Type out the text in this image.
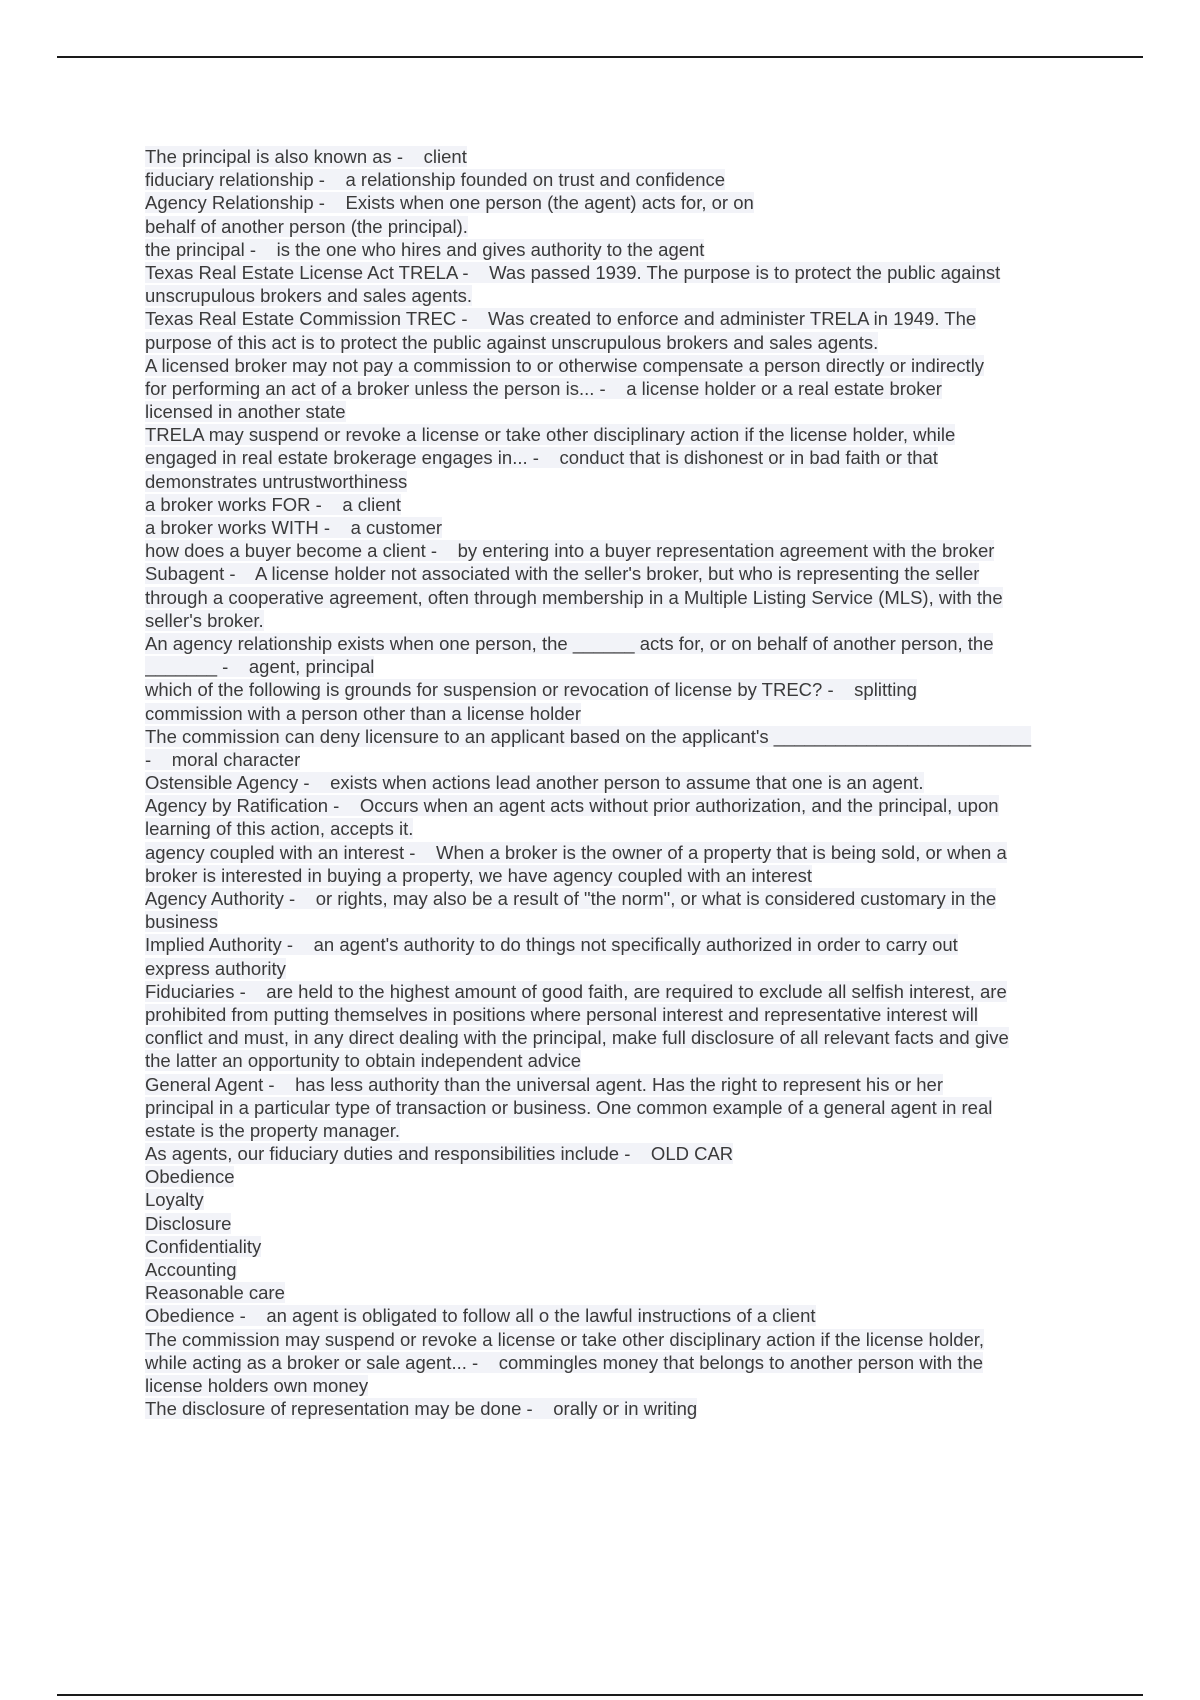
The principal is also known as -    client
fiduciary relationship -    a relationship founded on trust and confidence
Agency Relationship -    Exists when one person (the agent) acts for, or on
behalf of another person (the principal).
the principal -    is the one who hires and gives authority to the agent
Texas Real Estate License Act TRELA -    Was passed 1939. The purpose is to protect the public against
unscrupulous brokers and sales agents.
Texas Real Estate Commission TREC -    Was created to enforce and administer TRELA in 1949. The
purpose of this act is to protect the public against unscrupulous brokers and sales agents.
A licensed broker may not pay a commission to or otherwise compensate a person directly or indirectly
for performing an act of a broker unless the person is... -    a license holder or a real estate broker
licensed in another state
TRELA may suspend or revoke a license or take other disciplinary action if the license holder, while
engaged in real estate brokerage engages in... -    conduct that is dishonest or in bad faith or that
demonstrates untrustworthiness
a broker works FOR -    a client
a broker works WITH -    a customer
how does a buyer become a client -    by entering into a buyer representation agreement with the broker
Subagent -    A license holder not associated with the seller's broker, but who is representing the seller
through a cooperative agreement, often through membership in a Multiple Listing Service (MLS), with the
seller's broker.
An agency relationship exists when one person, the ______ acts for, or on behalf of another person, the
_______ -    agent, principal
which of the following is grounds for suspension or revocation of license by TREC? -    splitting
commission with a person other than a license holder
The commission can deny licensure to an applicant based on the applicant's _________________________
-    moral character
Ostensible Agency -    exists when actions lead another person to assume that one is an agent.
Agency by Ratification -    Occurs when an agent acts without prior authorization, and the principal, upon
learning of this action, accepts it.
agency coupled with an interest -    When a broker is the owner of a property that is being sold, or when a
broker is interested in buying a property, we have agency coupled with an interest
Agency Authority -    or rights, may also be a result of "the norm", or what is considered customary in the
business
Implied Authority -    an agent's authority to do things not specifically authorized in order to carry out
express authority
Fiduciaries -    are held to the highest amount of good faith, are required to exclude all selfish interest, are
prohibited from putting themselves in positions where personal interest and representative interest will
conflict and must, in any direct dealing with the principal, make full disclosure of all relevant facts and give
the latter an opportunity to obtain independent advice
General Agent -    has less authority than the universal agent. Has the right to represent his or her
principal in a particular type of transaction or business. One common example of a general agent in real
estate is the property manager.
As agents, our fiduciary duties and responsibilities include -    OLD CAR
Obedience
Loyalty
Disclosure
Confidentiality
Accounting
Reasonable care
Obedience -    an agent is obligated to follow all o the lawful instructions of a client
The commission may suspend or revoke a license or take other disciplinary action if the license holder,
while acting as a broker or sale agent... -    commingles money that belongs to another person with the
license holders own money
The disclosure of representation may be done -    orally or in writing
